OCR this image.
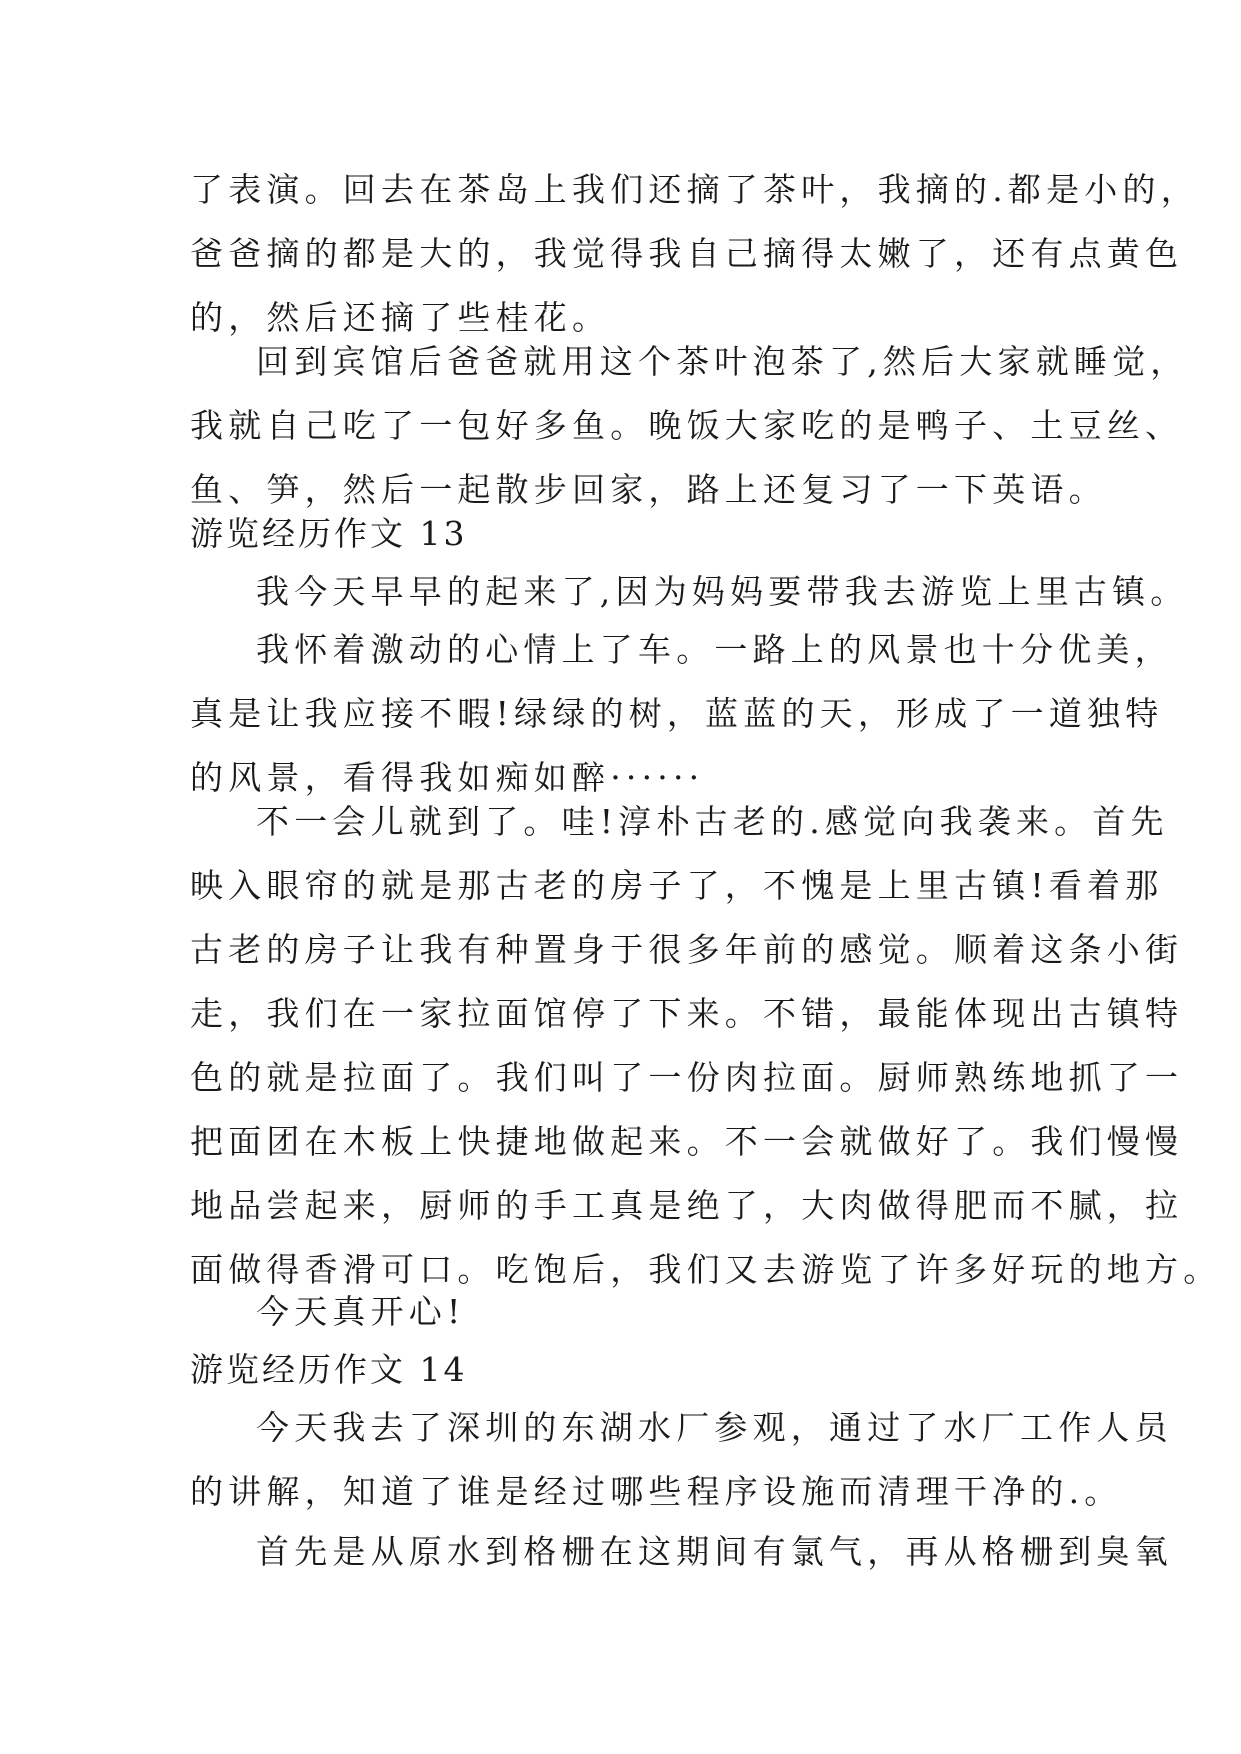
了表演。回去在茶岛上我们还摘了茶叶，我摘的.都是小的，
爸爸摘的都是大的，我觉得我自己摘得太嫩了，还有点黄色
的，然后还摘了些桂花。
回到宾馆后爸爸就用这个茶叶泡茶了,然后大家就睡觉，
我就自己吃了一包好多鱼。晚饭大家吃的是鸭子、土豆丝、
鱼、笋，然后一起散步回家，路上还复习了一下英语。
游览经历作文 13
我今天早早的起来了,因为妈妈要带我去游览上里古镇。
我怀着激动的心情上了车。一路上的风景也十分优美，
真是让我应接不暇!绿绿的树，蓝蓝的天，形成了一道独特
的风景，看得我如痴如醉······
不一会儿就到了。哇!淳朴古老的.感觉向我袭来。首先
映入眼帘的就是那古老的房子了，不愧是上里古镇!看着那
古老的房子让我有种置身于很多年前的感觉。顺着这条小街
走，我们在一家拉面馆停了下来。不错，最能体现出古镇特
色的就是拉面了。我们叫了一份肉拉面。厨师熟练地抓了一
把面团在木板上快捷地做起来。不一会就做好了。我们慢慢
地品尝起来，厨师的手工真是绝了，大肉做得肥而不腻，拉
面做得香滑可口。吃饱后，我们又去游览了许多好玩的地方。
今天真开心!
游览经历作文 14
今天我去了深圳的东湖水厂参观，通过了水厂工作人员
的讲解，知道了谁是经过哪些程序设施而清理干净的.。
首先是从原水到格栅在这期间有氯气，再从格栅到臭氧
